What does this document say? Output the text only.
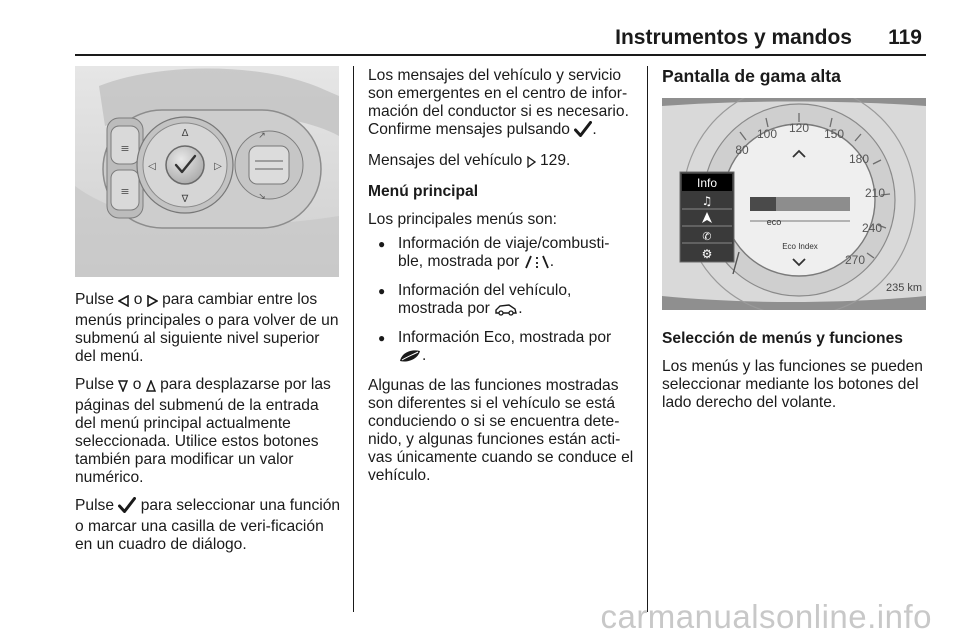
Instrumentos y mandos 119
≡
≡
Δ
∇
◁	▷
↗
↘

Pulse o para cambiar entre los menús principales o para volver de un submenú al siguiente nivel superior del menú.

Pulse o para desplazarse por las páginas del submenú de la entrada del menú principal actualmente seleccionada. Utilice estos botones también para modificar un valor numérico.

Pulse para seleccionar una función o marcar una casilla de veri-ficación en un cuadro de diálogo.

Los mensajes del vehículo y servicio son emergentes en el centro de infor-mación del conductor si es necesario. Confirme mensajes pulsando .

Mensajes del vehículo 129.

Menú principal

Los principales menús son:

● Información de viaje/combusti-ble, mostrada por .
● Información del vehículo, mostrada por .
● Información Eco, mostrada por
.

Algunas de las funciones mostradas son diferentes si el vehículo se está conduciendo o si se encuentra dete-nido, y algunas funciones están acti-vas únicamente cuando se conduce el vehículo.

Pantalla de gama alta

80
100 120 150
180
210
240
270
eco
Eco Index
Info
♫
✆
⚙
235 km

Selección de menús y funciones

Los menús y las funciones se pueden seleccionar mediante los botones del lado derecho del volante.

carmanualsonline.info
